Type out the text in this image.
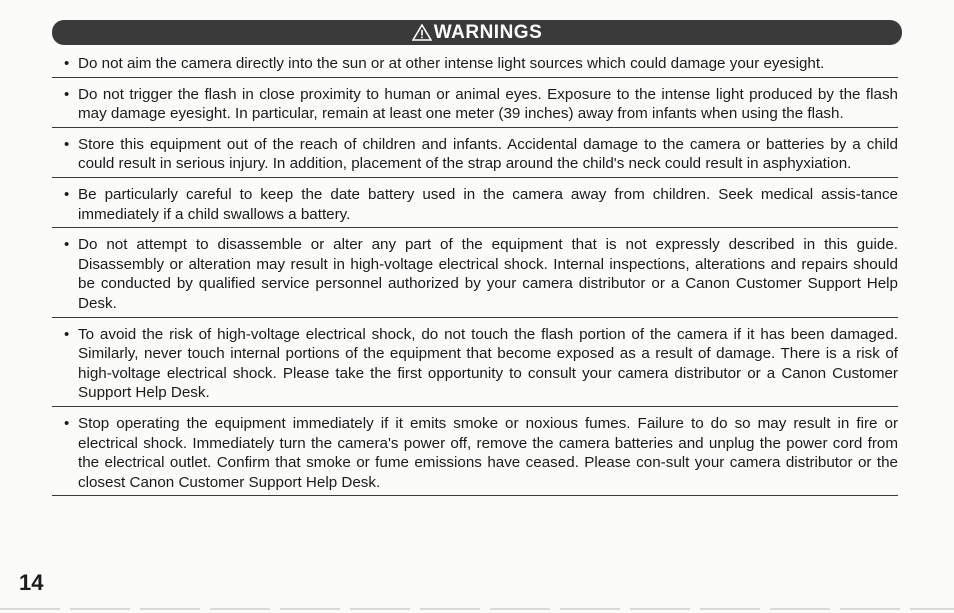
WARNINGS
• Do not aim the camera directly into the sun or at other intense light sources which could damage your eyesight.
• Do not trigger the flash in close proximity to human or animal eyes. Exposure to the intense light produced by the flash may damage eyesight. In particular, remain at least one meter (39 inches) away from infants when using the flash.
• Store this equipment out of the reach of children and infants. Accidental damage to the camera or batteries by a child could result in serious injury. In addition, placement of the strap around the child's neck could result in asphyxiation.
• Be particularly careful to keep the date battery used in the camera away from children. Seek medical assis-tance immediately if a child swallows a battery.
• Do not attempt to disassemble or alter any part of the equipment that is not expressly described in this guide. Disassembly or alteration may result in high-voltage electrical shock. Internal inspections, alterations and repairs should be conducted by qualified service personnel authorized by your camera distributor or a Canon Customer Support Help Desk.
• To avoid the risk of high-voltage electrical shock, do not touch the flash portion of the camera if it has been damaged. Similarly, never touch internal portions of the equipment that become exposed as a result of damage. There is a risk of high-voltage electrical shock. Please take the first opportunity to consult your camera distributor or a Canon Customer Support Help Desk.
• Stop operating the equipment immediately if it emits smoke or noxious fumes. Failure to do so may result in fire or electrical shock. Immediately turn the camera's power off, remove the camera batteries and unplug the power cord from the electrical outlet. Confirm that smoke or fume emissions have ceased. Please con-sult your camera distributor or the closest Canon Customer Support Help Desk.
14
